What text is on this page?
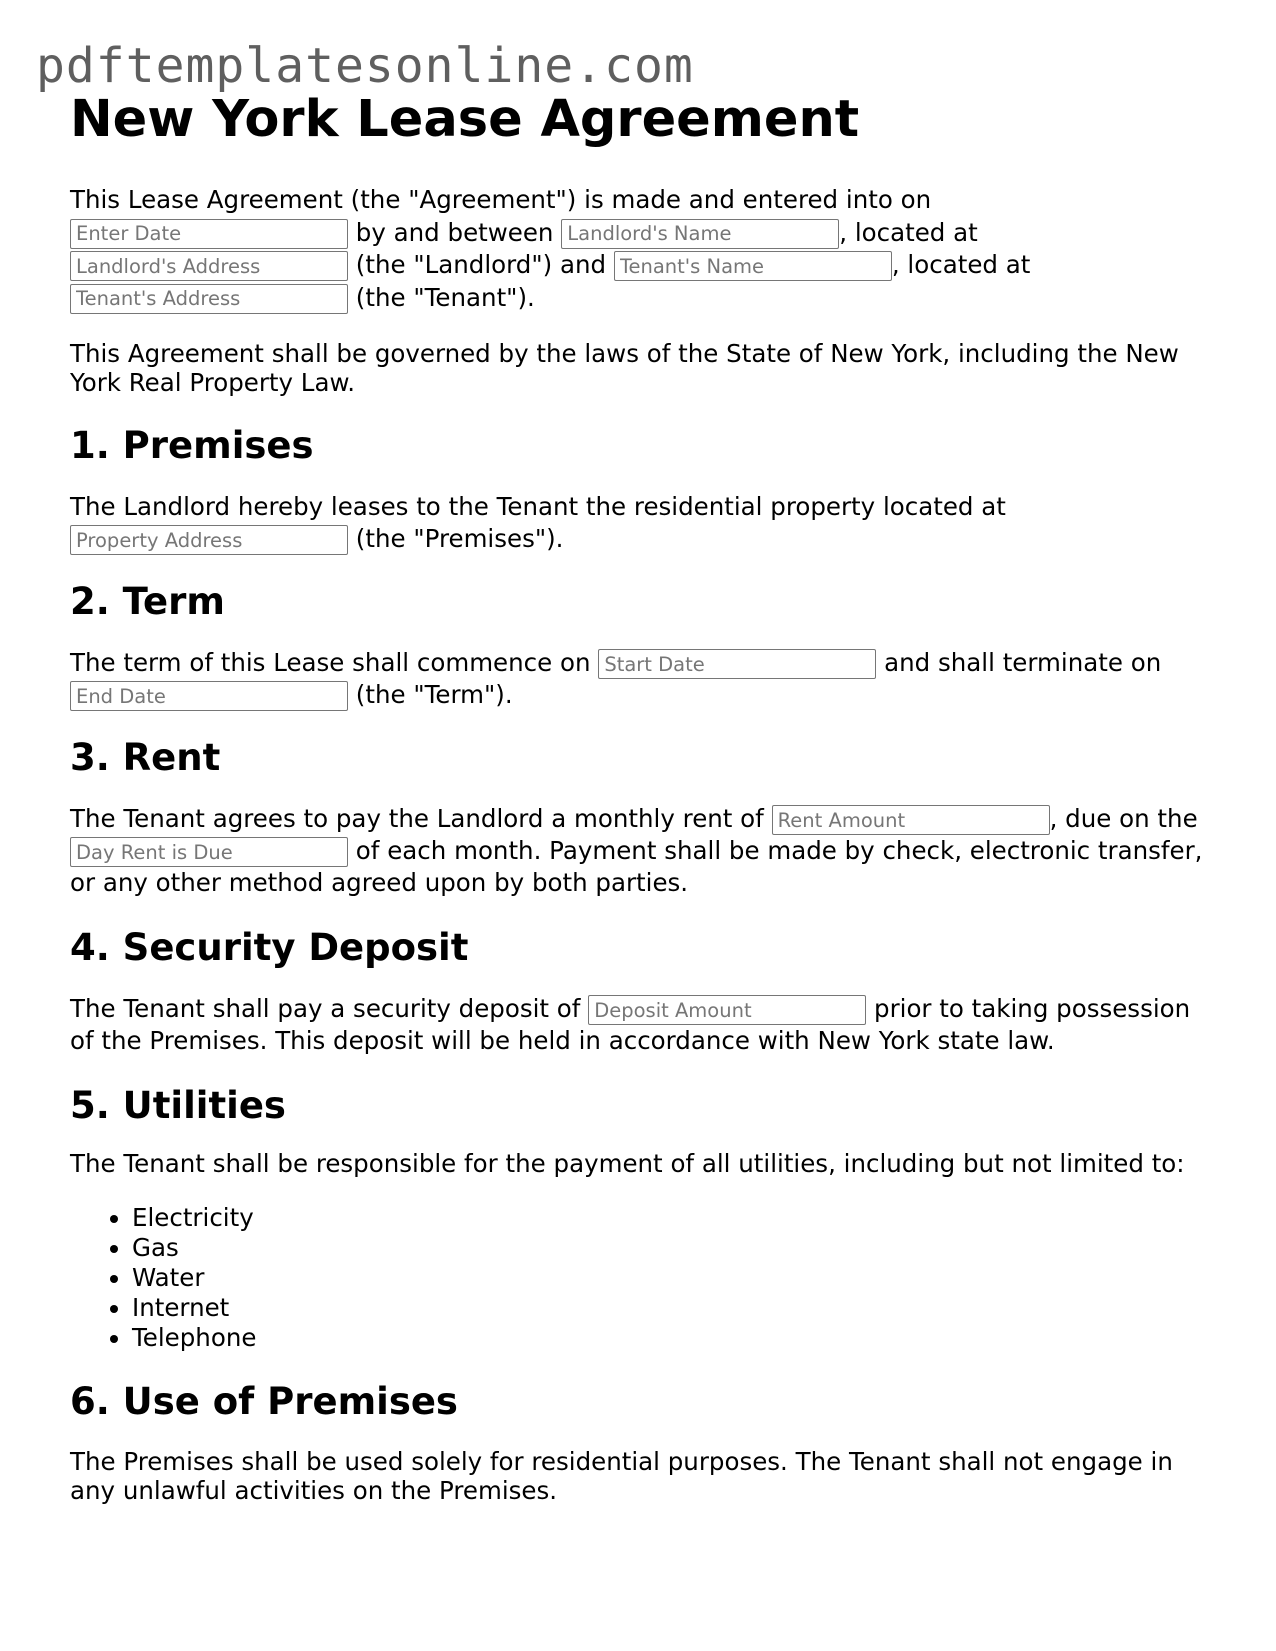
pdftemplatesonline.com
New York Lease Agreement

This Lease Agreement (the "Agreement") is made and entered into on
Enter Date by and between Landlord's Name	, located at
Landlord's Address (the "Landlord") and Tenant's Name	, located at
Tenant's Address (the "Tenant").

This Agreement shall be governed by the laws of the State of New York, including the New York Real Property Law.

1. Premises

The Landlord hereby leases to the Tenant the residential property located at
Property Address (the "Premises").

2. Term

The term of this Lease shall commence on Start Date	and shall terminate on
End Date (the "Term").

3. Rent

The Tenant agrees to pay the Landlord a monthly rent of Rent Amount	, due on the Day Rent is Due of each month. Payment shall be made by check, electronic transfer, or any other method agreed upon by both parties.

4. Security Deposit

The Tenant shall pay a security deposit of Deposit Amount	prior to taking possession of the Premises. This deposit will be held in accordance with New York state law.

5. Utilities

The Tenant shall be responsible for the payment of all utilities, including but not limited to:

• Electricity
• Gas
• Water
• Internet
• Telephone
6. Use of Premises

The Premises shall be used solely for residential purposes. The Tenant shall not engage in any unlawful activities on the Premises.
